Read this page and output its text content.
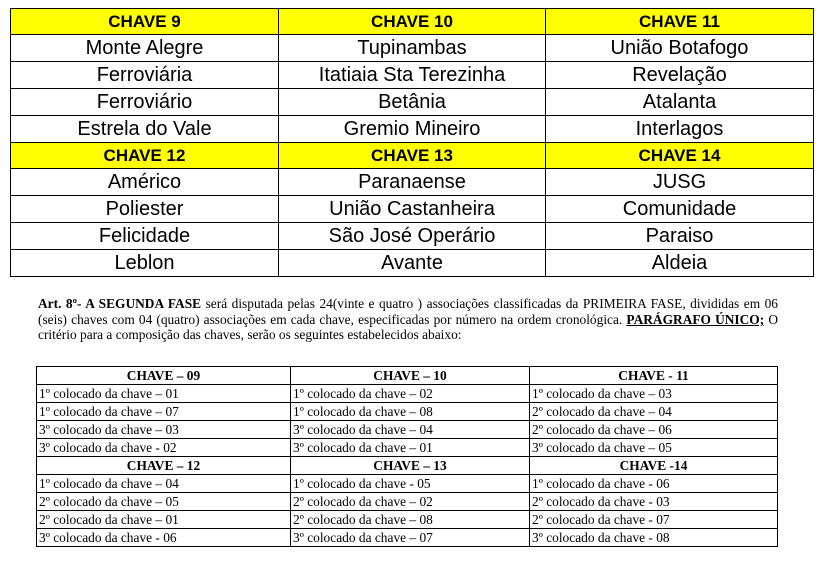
CHAVE 9	CHAVE 10	CHAVE 11
Monte Alegre	Tupinambas	União Botafogo
Ferroviária	Itatiaia Sta Terezinha	Revelação
Ferroviário	Betânia	Atalanta
Estrela do Vale	Gremio Mineiro	Interlagos
CHAVE 12	CHAVE 13	CHAVE 14
Américo	Paranaense	JUSG
Poliester	União Castanheira	Comunidade
Felicidade	São José Operário	Paraiso
Leblon	Avante	Aldeia
Art. 8º- A SEGUNDA FASE será disputada pelas 24(vinte e quatro ) associações classificadas da PRIMEIRA FASE, divididas em 06 (seis) chaves com 04 (quatro) associações em cada chave, especificadas por número na ordem cronológica. PARÁGRAFO ÚNICO; O critério para a composição das chaves, serão os seguintes estabelecidos abaixo:
CHAVE – 09	CHAVE – 10	CHAVE - 11
1º colocado da chave – 01	1º colocado da chave – 02	1º colocado da chave – 03
1º colocado da chave – 07	1º colocado da chave – 08	2º colocado da chave – 04
3º colocado da chave – 03	3º colocado da chave – 04	2º colocado da chave – 06
3º colocado da chave - 02	3º colocado da chave – 01	3º colocado da chave – 05
CHAVE – 12	CHAVE – 13	CHAVE -14
1º colocado da chave – 04	1º colocado da chave - 05	1º colocado da chave - 06
2º colocado da chave – 05	2º colocado da chave – 02	2º colocado da chave - 03
2º colocado da chave – 01	2º colocado da chave – 08	2º colocado da chave - 07
3º colocado da chave - 06	3º colocado da chave – 07	3º colocado da chave - 08
